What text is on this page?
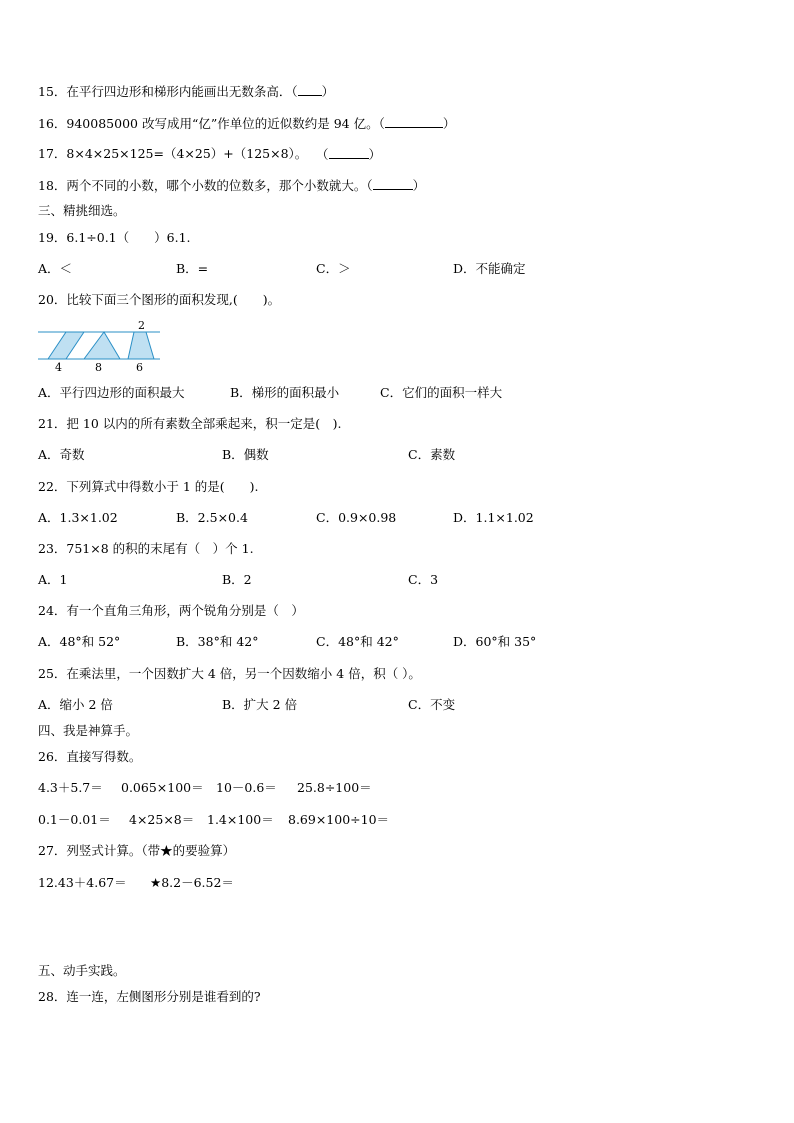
15．在平行四边形和梯形内能画出无数条高．（ ）
16．940085000 改写成用“亿”作单位的近似数约是 94 亿。（	）
17．8×4×25×125=（4×25）+（125×8）。 （	）
18．两个不同的小数，哪个小数的位数多，那个小数就大。（	）
三、精挑细选。
19．6.1÷0.1（　　）6.1.
A．＜	B．=	C．＞	D．不能确定
20．比较下面三个图形的面积发现,(　　)。
2
4	8	6
A．平行四边形的面积最大	B．梯形的面积最小	C．它们的面积一样大
21．把 10 以内的所有素数全部乘起来，积一定是(　).
A．奇数	B．偶数	C．素数
22．下列算式中得数小于 1 的是(　　).
A．1.3×1.02	B．2.5×0.4	C．0.9×0.98	D．1.1×1.02
23．751×8 的积的末尾有（　）个 1.
A．1	B．2	C．3
24．有一个直角三角形，两个锐角分别是（　）
A．48°和 52°	B．38°和 42°	C．48°和 42°	D．60°和 35°
25．在乘法里，一个因数扩大 4 倍，另一个因数缩小 4 倍，积（ ）。
A．缩小 2 倍	B．扩大 2 倍	C．不变
四、我是神算手。
26．直接写得数。
4.3＋5.7＝ 0.065×100＝ 10－0.6＝ 25.8÷100＝
0.1－0.01＝ 4×25×8＝ 1.4×100＝ 8.69×100÷10＝
27．列竖式计算。（带★的要验算）
12.43＋4.67＝ ★8.2－6.52＝
五、动手实践。
28．连一连，左侧图形分别是谁看到的?
